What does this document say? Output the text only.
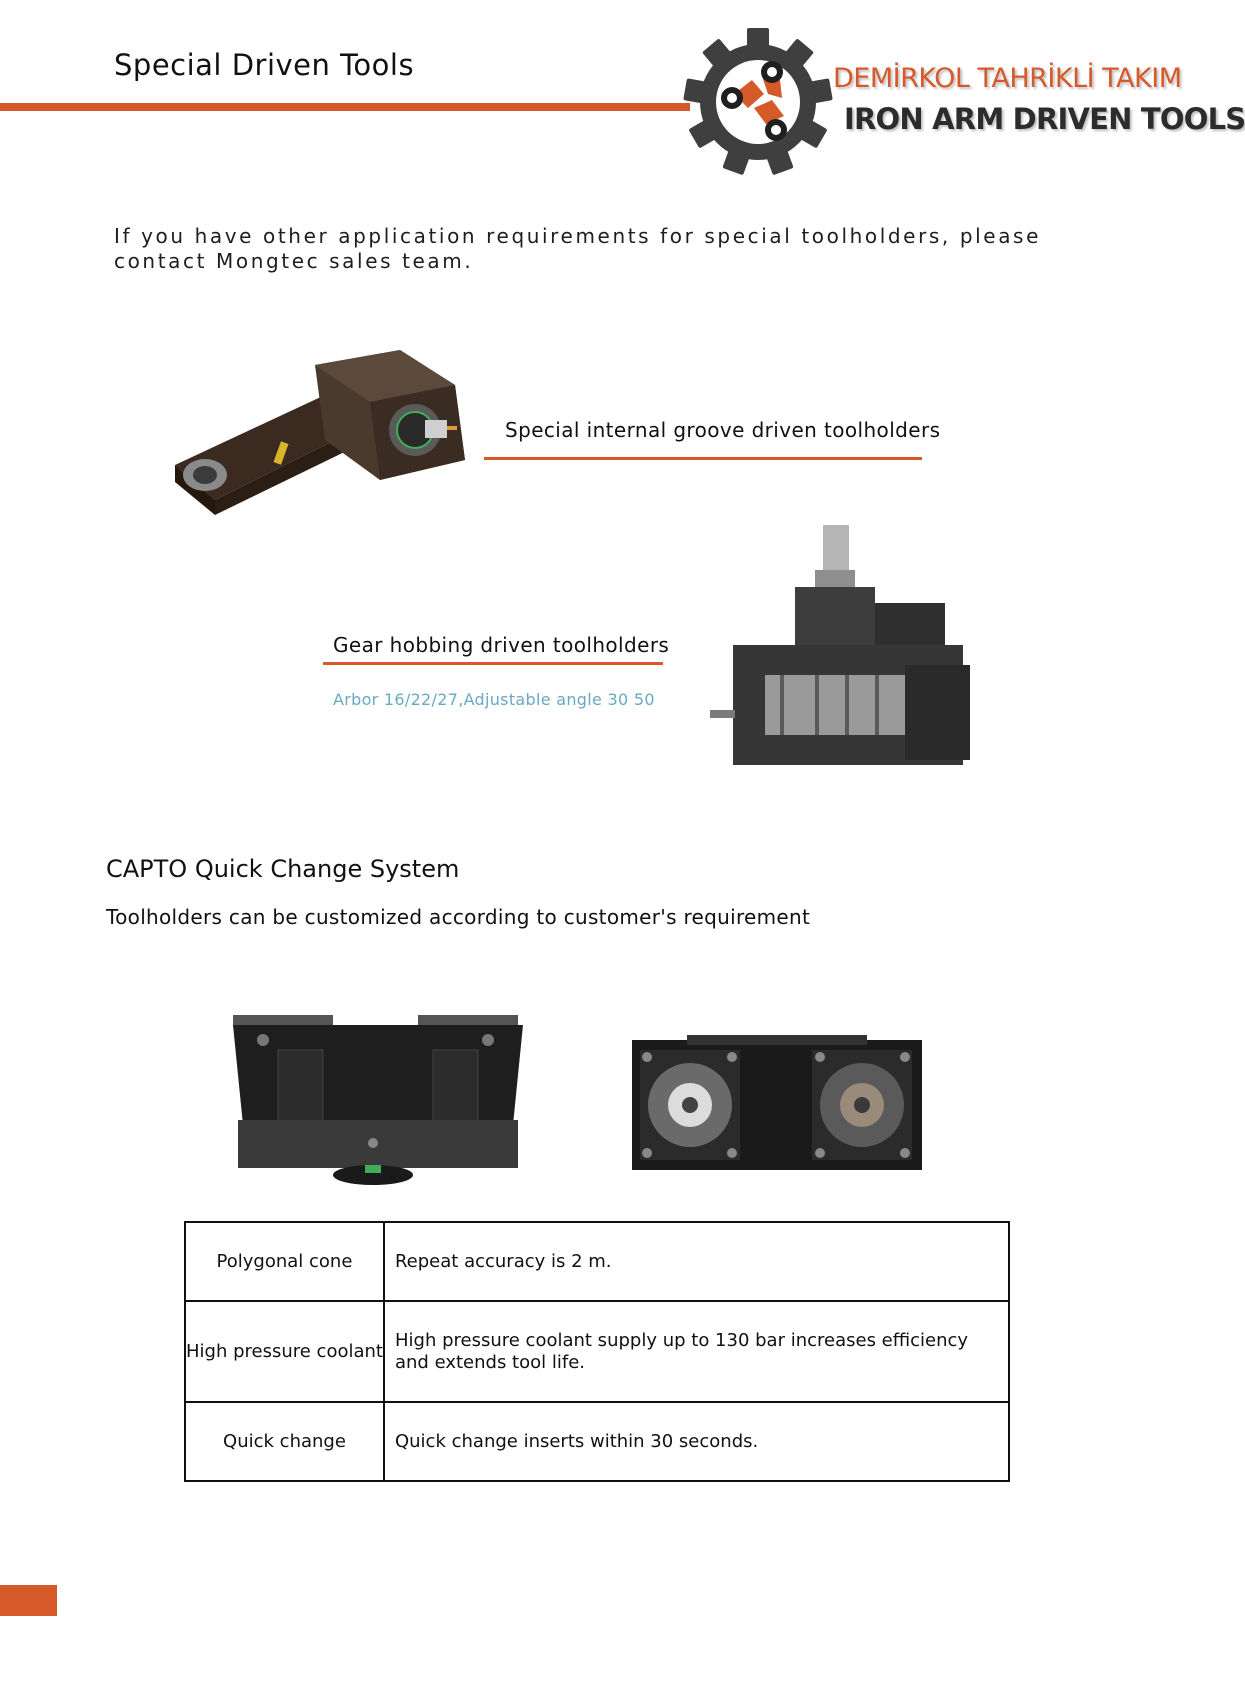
Special Driven Tools	DEMİRKOL TAHRİKLİ TAKIM
IRON ARM DRIVEN TOOLS
If you have other application requirements for special toolholders, please contact Mongtec sales team.
Special internal groove driven toolholders
Gear hobbing driven toolholders
Arbor 16/22/27,Adjustable angle 30 50
CAPTO Quick Change System
Toolholders can be customized according to customer's requirement
Polygonal cone	Repeat accuracy is 2 m.
High pressure coolant	High pressure coolant supply up to 130 bar increases efficiency and extends tool life.
Quick change	Quick change inserts within 30 seconds.
